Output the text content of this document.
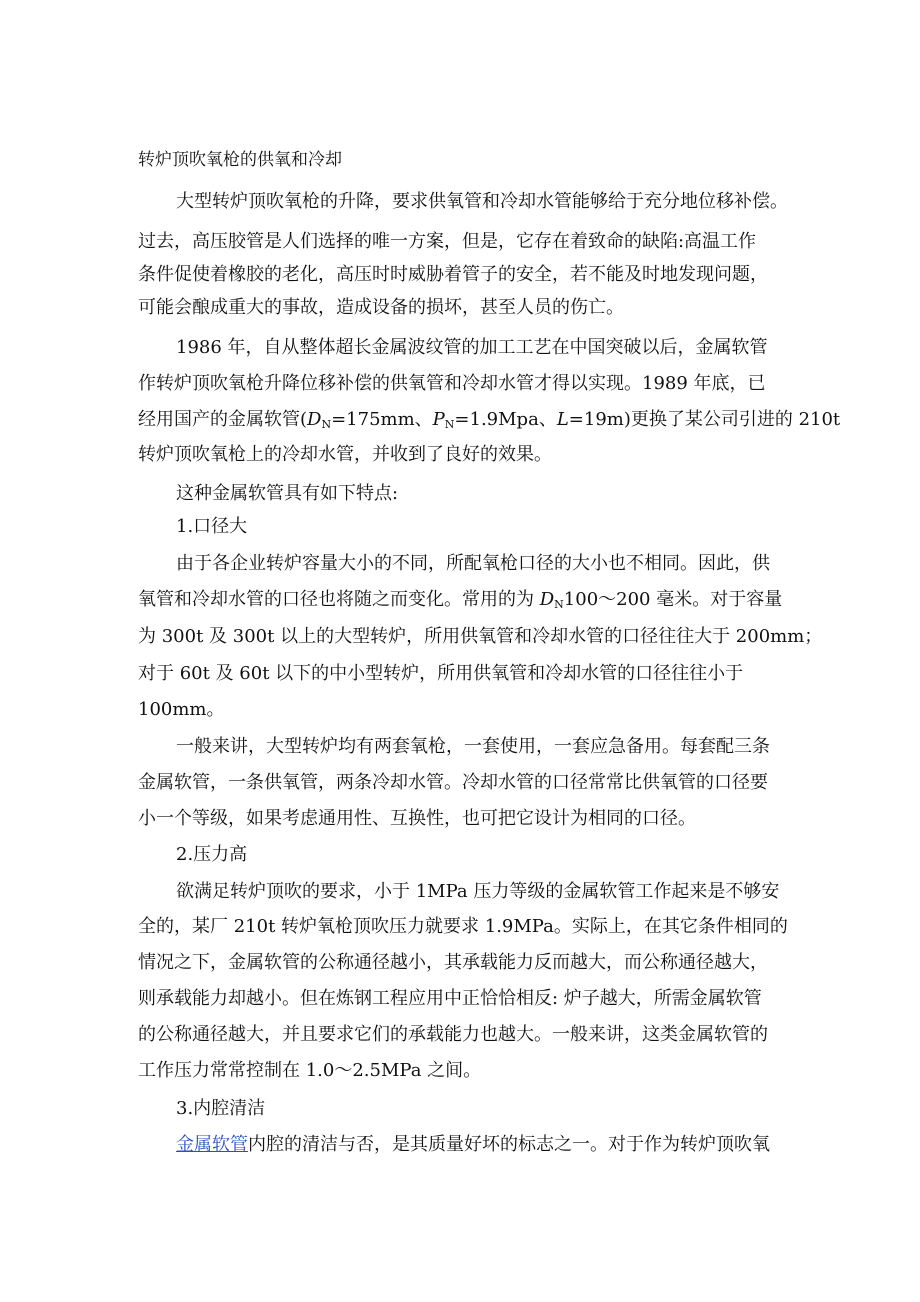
转炉顶吹氧枪的供氧和冷却
大型转炉顶吹氧枪的升降，要求供氧管和冷却水管能够给于充分地位移补偿。
过去，高压胶管是人们选择的唯一方案，但是，它存在着致命的缺陷:高温工作
条件促使着橡胶的老化，高压时时威胁着管子的安全，若不能及时地发现问题，
可能会酿成重大的事故，造成设备的损坏，甚至人员的伤亡。
1986 年，自从整体超长金属波纹管的加工工艺在中国突破以后，金属软管
作转炉顶吹氧枪升降位移补偿的供氧管和冷却水管才得以实现。1989 年底，已
经用国产的金属软管($D_N=175mm$、$P_N=1.9Mpa$、L=19m)更换了某公司引进的 210t
转炉顶吹氧枪上的冷却水管，并收到了良好的效果。
这种金属软管具有如下特点:
1.口径大
由于各企业转炉容量大小的不同，所配氧枪口径的大小也不相同。因此，供
氧管和冷却水管的口径也将随之而变化。常用的为 $D_N100\sim 200$ 毫米。对于容量
为 300t 及 300t 以上的大型转炉，所用供氧管和冷却水管的口径往往大于 200mm；
对于 60t 及 60t 以下的中小型转炉，所用供氧管和冷却水管的口径往往小于
100mm。
一般来讲，大型转炉均有两套氧枪，一套使用，一套应急备用。每套配三条
金属软管，一条供氧管，两条冷却水管。冷却水管的口径常常比供氧管的口径要
小一个等级，如果考虑通用性、互换性，也可把它设计为相同的口径。
2.压力高
欲满足转炉顶吹的要求，小于 1MPa 压力等级的金属软管工作起来是不够安
全的，某厂 210t 转炉氧枪顶吹压力就要求 1.9MPa。实际上，在其它条件相同的
情况之下，金属软管的公称通径越小，其承载能力反而越大，而公称通径越大，
则承载能力却越小。但在炼钢工程应用中正恰恰相反: 炉子越大，所需金属软管
的公称通径越大，并且要求它们的承载能力也越大。一般来讲，这类金属软管的
工作压力常常控制在 1.0～2.5MPa 之间。
3.内腔清洁
金属软管内腔的清洁与否，是其质量好坏的标志之一。对于作为转炉顶吹氧
